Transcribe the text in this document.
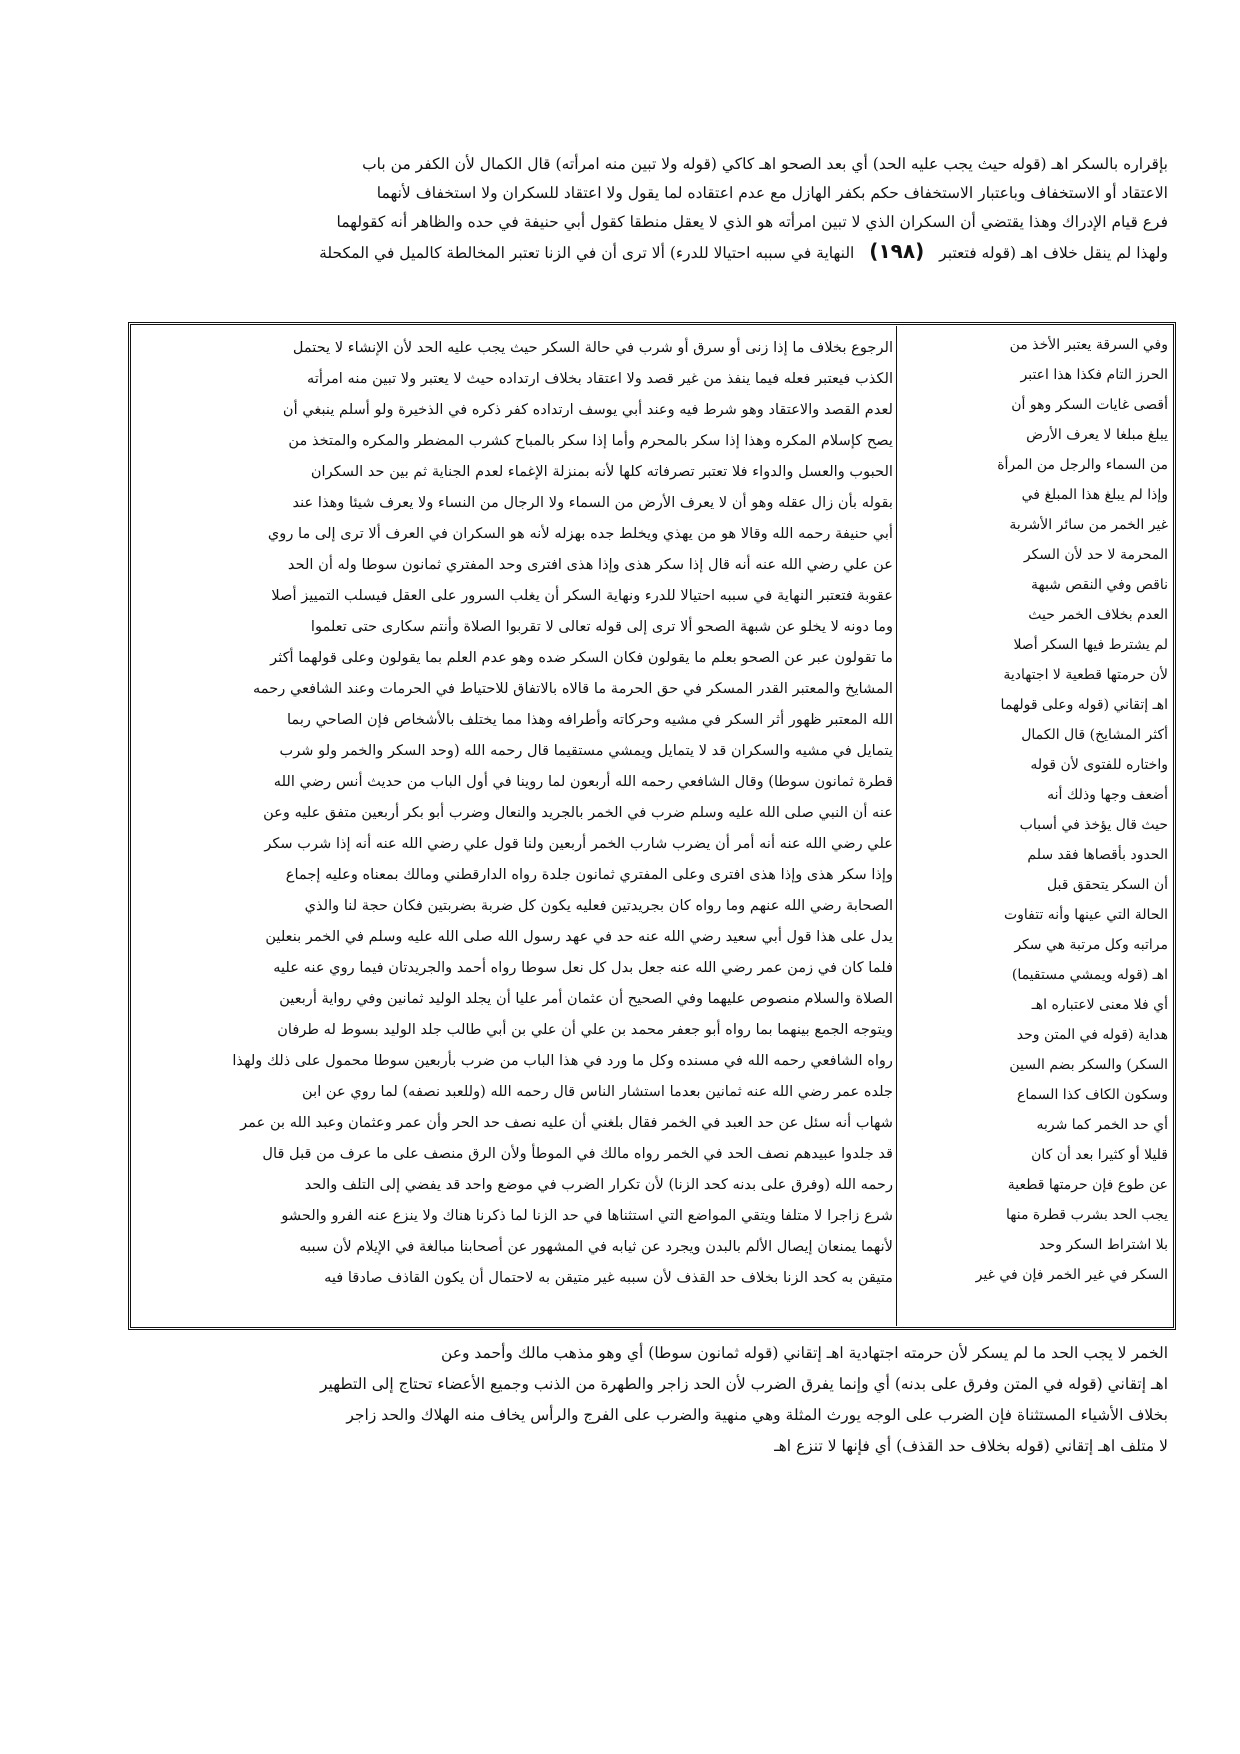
بإقراره بالسكر اهـ (قوله حيث يجب عليه الحد) أي بعد الصحو اهـ كاكي (قوله ولا تبين منه امرأته) قال الكمال لأن الكفر من باب

الاعتقاد أو الاستخفاف وباعتبار الاستخفاف حكم بكفر الهازل مع عدم اعتقاده لما يقول ولا اعتقاد للسكران ولا استخفاف لأنهما

فرع قيام الإدراك وهذا يقتضي أن السكران الذي لا تبين امرأته هو الذي لا يعقل منطقا كقول أبي حنيفة في حده والظاهر أنه كقولهما

ولهذا لم ينقل خلاف اهـ (قوله فتعتبر (١٩٨) النهاية في سببه احتيالا للدرء) ألا ترى أن في الزنا تعتبر المخالطة كالميل في المكحلة

الرجوع بخلاف ما إذا زنى أو سرق أو شرب في حالة السكر حيث يجب عليه الحد لأن الإنشاء لا يحتمل

الكذب فيعتبر فعله فيما ينفذ من غير قصد ولا اعتقاد بخلاف ارتداده حيث لا يعتبر ولا تبين منه امرأته

لعدم القصد والاعتقاد وهو شرط فيه وعند أبي يوسف ارتداده كفر ذكره في الذخيرة ولو أسلم ينبغي أن

يصح كإسلام المكره وهذا إذا سكر بالمحرم وأما إذا سكر بالمباح كشرب المضطر والمكره والمتخذ من

الحبوب والعسل والدواء فلا تعتبر تصرفاته كلها لأنه بمنزلة الإغماء لعدم الجناية ثم بين حد السكران

بقوله بأن زال عقله وهو أن لا يعرف الأرض من السماء ولا الرجال من النساء ولا يعرف شيئا وهذا عند

أبي حنيفة رحمه الله وقالا هو من يهذي ويخلط جده بهزله لأنه هو السكران في العرف ألا ترى إلى ما روي

عن علي رضي الله عنه أنه قال إذا سكر هذى وإذا هذى افترى وحد المفتري ثمانون سوطا وله أن الحد

عقوبة فتعتبر النهاية في سببه احتيالا للدرء ونهاية السكر أن يغلب السرور على العقل فيسلب التمييز أصلا

وما دونه لا يخلو عن شبهة الصحو ألا ترى إلى قوله تعالى لا تقربوا الصلاة وأنتم سكارى حتى تعلموا

ما تقولون عبر عن الصحو بعلم ما يقولون فكان السكر ضده وهو عدم العلم بما يقولون وعلى قولهما أكثر

المشايخ والمعتبر القدر المسكر في حق الحرمة ما قالاه بالاتفاق للاحتياط في الحرمات وعند الشافعي رحمه

الله المعتبر ظهور أثر السكر في مشيه وحركاته وأطرافه وهذا مما يختلف بالأشخاص فإن الصاحي ربما

يتمايل في مشيه والسكران قد لا يتمايل ويمشي مستقيما قال رحمه الله (وحد السكر والخمر ولو شرب

قطرة ثمانون سوطا) وقال الشافعي رحمه الله أربعون لما روينا في أول الباب من حديث أنس رضي الله

عنه أن النبي صلى الله عليه وسلم ضرب في الخمر بالجريد والنعال وضرب أبو بكر أربعين متفق عليه وعن

علي رضي الله عنه أنه أمر أن يضرب شارب الخمر أربعين ولنا قول علي رضي الله عنه أنه إذا شرب سكر

وإذا سكر هذى وإذا هذى افترى وعلى المفتري ثمانون جلدة رواه الدارقطني ومالك بمعناه وعليه إجماع

الصحابة رضي الله عنهم وما رواه كان بجريدتين فعليه يكون كل ضربة بضربتين فكان حجة لنا والذي

يدل على هذا قول أبي سعيد رضي الله عنه حد في عهد رسول الله صلى الله عليه وسلم في الخمر بنعلين

فلما كان في زمن عمر رضي الله عنه جعل بدل كل نعل سوطا رواه أحمد والجريدتان فيما روي عنه عليه

الصلاة والسلام منصوص عليهما وفي الصحيح أن عثمان أمر عليا أن يجلد الوليد ثمانين وفي رواية أربعين

ويتوجه الجمع بينهما بما رواه أبو جعفر محمد بن علي أن علي بن أبي طالب جلد الوليد بسوط له طرفان

رواه الشافعي رحمه الله في مسنده وكل ما ورد في هذا الباب من ضرب بأربعين سوطا محمول على ذلك ولهذا

جلده عمر رضي الله عنه ثمانين بعدما استشار الناس قال رحمه الله (وللعبد نصفه) لما روي عن ابن

شهاب أنه سئل عن حد العبد في الخمر فقال بلغني أن عليه نصف حد الحر وأن عمر وعثمان وعبد الله بن عمر

قد جلدوا عبيدهم نصف الحد في الخمر رواه مالك في الموطأ ولأن الرق منصف على ما عرف من قبل قال

رحمه الله (وفرق على بدنه كحد الزنا) لأن تكرار الضرب في موضع واحد قد يفضي إلى التلف والحد

شرع زاجرا لا متلفا ويتقي المواضع التي استثناها في حد الزنا لما ذكرنا هناك ولا ينزع عنه الفرو والحشو

لأنهما يمنعان إيصال الألم بالبدن ويجرد عن ثيابه في المشهور عن أصحابنا مبالغة في الإيلام لأن سببه

متيقن به كحد الزنا بخلاف حد القذف لأن سببه غير متيقن به لاحتمال أن يكون القاذف صادقا فيه

وفي السرقة يعتبر الأخذ من

الحرز التام فكذا هذا اعتبر

أقصى غايات السكر وهو أن

يبلغ مبلغا لا يعرف الأرض

من السماء والرجل من المرأة

وإذا لم يبلغ هذا المبلغ في

غير الخمر من سائر الأشربة

المحرمة لا حد لأن السكر

ناقص وفي النقص شبهة

العدم بخلاف الخمر حيث

لم يشترط فيها السكر أصلا

لأن حرمتها قطعية لا اجتهادية

اهـ إتقاني (قوله وعلى قولهما

أكثر المشايخ) قال الكمال

واختاره للفتوى لأن قوله

أضعف وجها وذلك أنه

حيث قال يؤخذ في أسباب

الحدود بأقصاها فقد سلم

أن السكر يتحقق قبل

الحالة التي عينها وأنه تتفاوت

مراتبه وكل مرتبة هي سكر

اهـ (قوله ويمشي مستقيما)

أي فلا معنى لاعتباره اهـ

هداية (قوله في المتن وحد

السكر) والسكر بضم السين

وسكون الكاف كذا السماع

أي حد الخمر كما شربه

قليلا أو كثيرا بعد أن كان

عن طوع فإن حرمتها قطعية

يجب الحد بشرب قطرة منها

بلا اشتراط السكر وحد

السكر في غير الخمر فإن في غير

الخمر لا يجب الحد ما لم يسكر لأن حرمته اجتهادية اهـ إتقاني (قوله ثمانون سوطا) أي وهو مذهب مالك وأحمد وعن

اهـ إتقاني (قوله في المتن وفرق على بدنه) أي وإنما يفرق الضرب لأن الحد زاجر والطهرة من الذنب وجميع الأعضاء تحتاج إلى التطهير

بخلاف الأشياء المستثناة فإن الضرب على الوجه يورث المثلة وهي منهية والضرب على الفرج والرأس يخاف منه الهلاك والحد زاجر

لا متلف اهـ إتقاني (قوله بخلاف حد القذف) أي فإنها لا تنزع اهـ
